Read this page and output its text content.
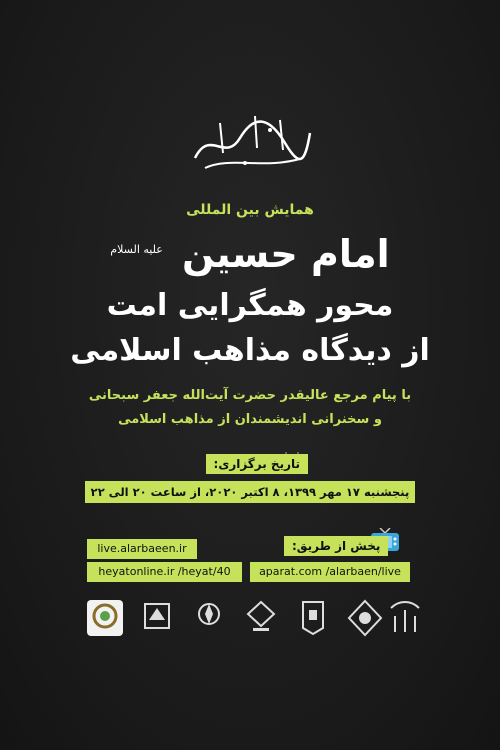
همایش بین المللی
امام حسین $^{علیه السلام}$
محور همگرایی امت
از دیدگاه مذاهب اسلامی
با پیام مرجع عالیقدر حضرت آیت‌الله جعفر سبحانی
و سخنرانی اندیشمندان از مذاهب اسلامی
تاریخ برگزاری:
پنجشنبه ۱۷ مهر ۱۳۹۹، ۸ اکتبر ۲۰۲۰، از ساعت ۲۰ الی ۲۲
پخش از طریق:
live.alarbaeen.ir
heyatonline.ir /heyat/40	aparat.com /alarbaen/live
